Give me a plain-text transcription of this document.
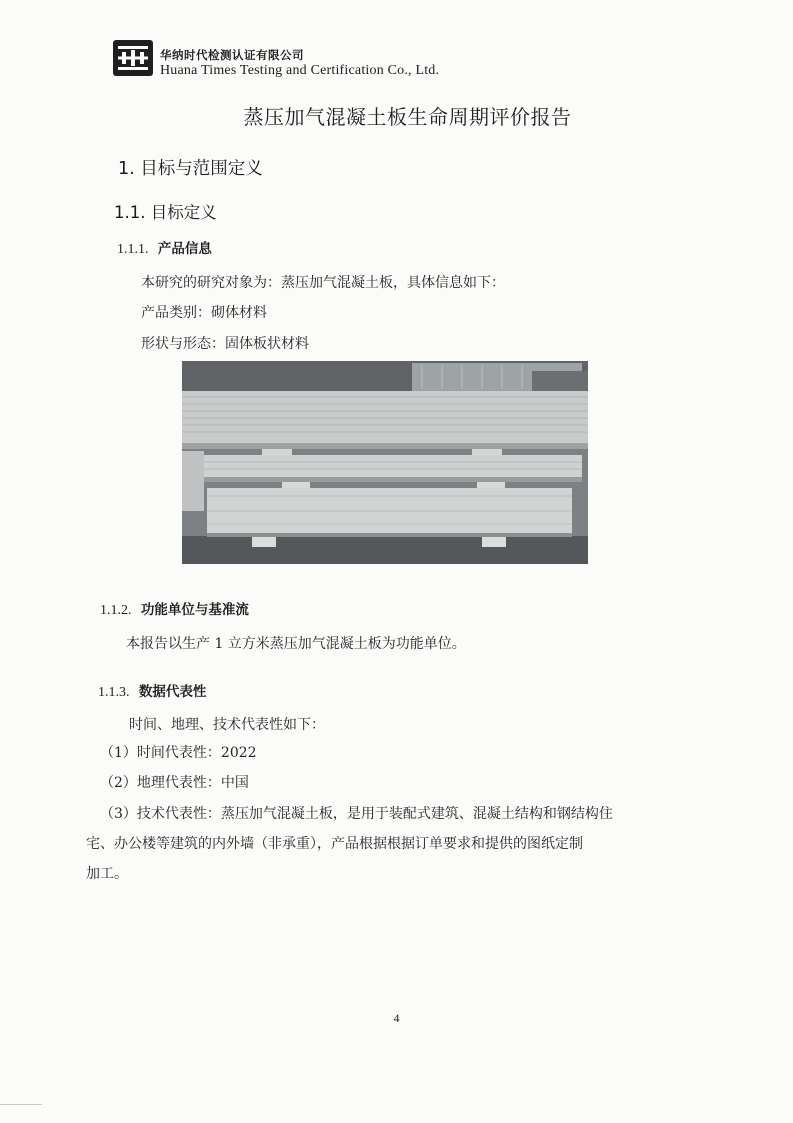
华纳时代检测认证有限公司
Huana Times Testing and Certification Co., Ltd.
蒸压加气混凝土板生命周期评价报告
1. 目标与范围定义
1.1. 目标定义
1.1.1. 产品信息
本研究的研究对象为：蒸压加气混凝土板，具体信息如下：
产品类别：砌体材料
形状与形态：固体板状材料
1.1.2. 功能单位与基准流
本报告以生产 1 立方米蒸压加气混凝土板为功能单位。
1.1.3. 数据代表性
时间、地理、技术代表性如下：
（1）时间代表性：2022
（2）地理代表性：中国
（3）技术代表性：蒸压加气混凝土板，是用于装配式建筑、混凝土结构和钢结构住
宅、办公楼等建筑的内外墙（非承重），产品根据根据订单要求和提供的图纸定制
加工。
4
